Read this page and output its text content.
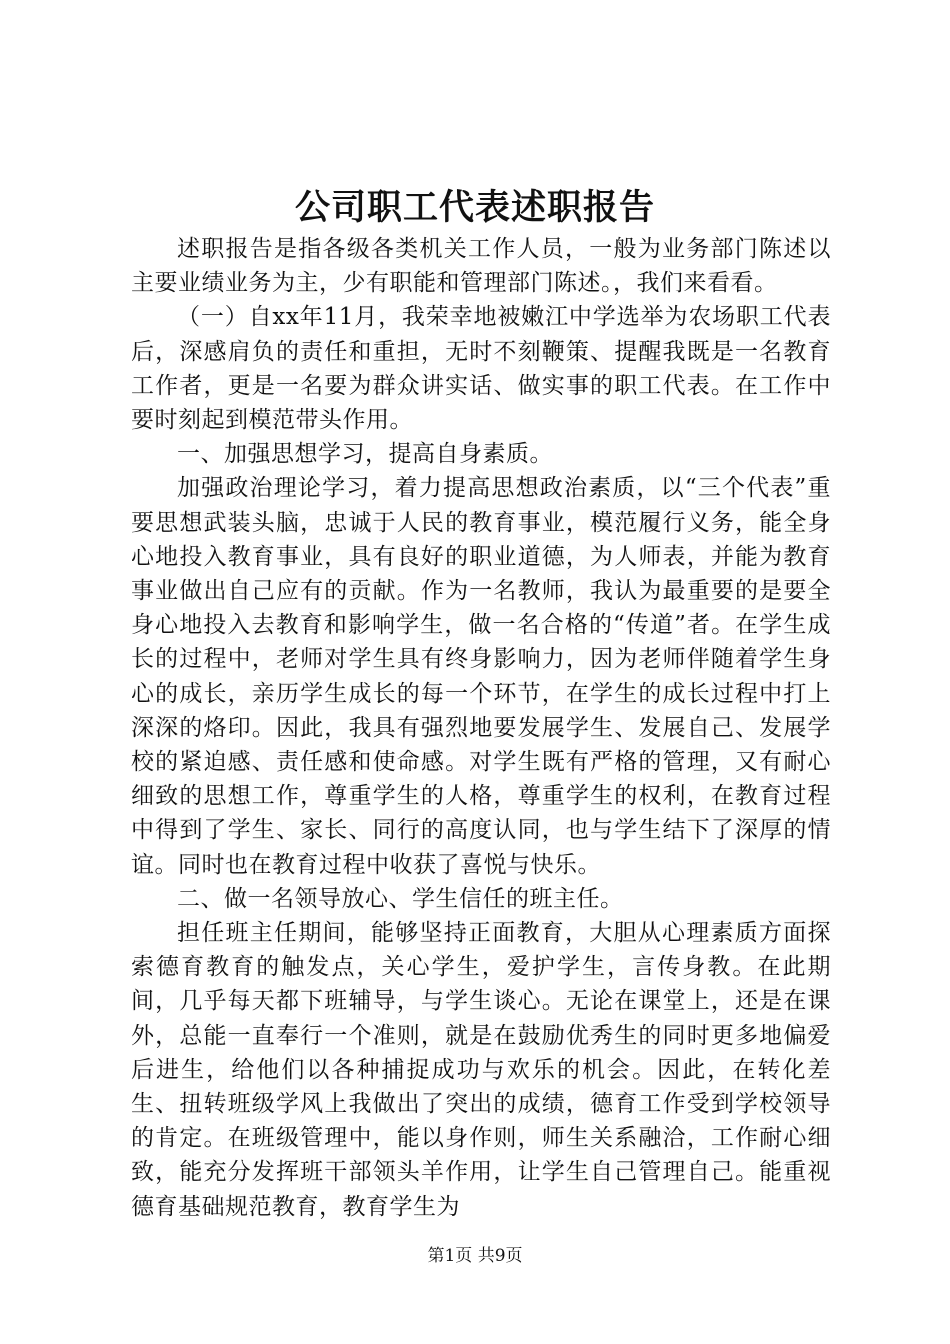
公司职工代表述职报告

述职报告是指各级各类机关工作人员，一般为业务部门陈述以主要业绩业务为主，少有职能和管理部门陈述。，我们来看看。

（一）自xx年11月，我荣幸地被嫩江中学选举为农场职工代表后，深感肩负的责任和重担，无时不刻鞭策、提醒我既是一名教育工作者，更是一名要为群众讲实话、做实事的职工代表。在工作中要时刻起到模范带头作用。

一、加强思想学习，提高自身素质。

加强政治理论学习，着力提高思想政治素质，以“三个代表”重要思想武装头脑，忠诚于人民的教育事业，模范履行义务，能全身心地投入教育事业，具有良好的职业道德，为人师表，并能为教育事业做出自己应有的贡献。作为一名教师，我认为最重要的是要全身心地投入去教育和影响学生，做一名合格的“传道”者。在学生成长的过程中，老师对学生具有终身影响力，因为老师伴随着学生身心的成长，亲历学生成长的每一个环节，在学生的成长过程中打上深深的烙印。因此，我具有强烈地要发展学生、发展自己、发展学校的紧迫感、责任感和使命感。对学生既有严格的管理，又有耐心细致的思想工作，尊重学生的人格，尊重学生的权利，在教育过程中得到了学生、家长、同行的高度认同，也与学生结下了深厚的情谊。同时也在教育过程中收获了喜悦与快乐。

二、做一名领导放心、学生信任的班主任。

担任班主任期间，能够坚持正面教育，大胆从心理素质方面探索德育教育的触发点，关心学生，爱护学生，言传身教。在此期间，几乎每天都下班辅导，与学生谈心。无论在课堂上，还是在课外，总能一直奉行一个准则，就是在鼓励优秀生的同时更多地偏爱后进生，给他们以各种捕捉成功与欢乐的机会。因此，在转化差生、扭转班级学风上我做出了突出的成绩，德育工作受到学校领导的肯定。在班级管理中，能以身作则，师生关系融洽，工作耐心细致，能充分发挥班干部领头羊作用，让学生自己管理自己。能重视德育基础规范教育，教育学生为

第1页 共9页
